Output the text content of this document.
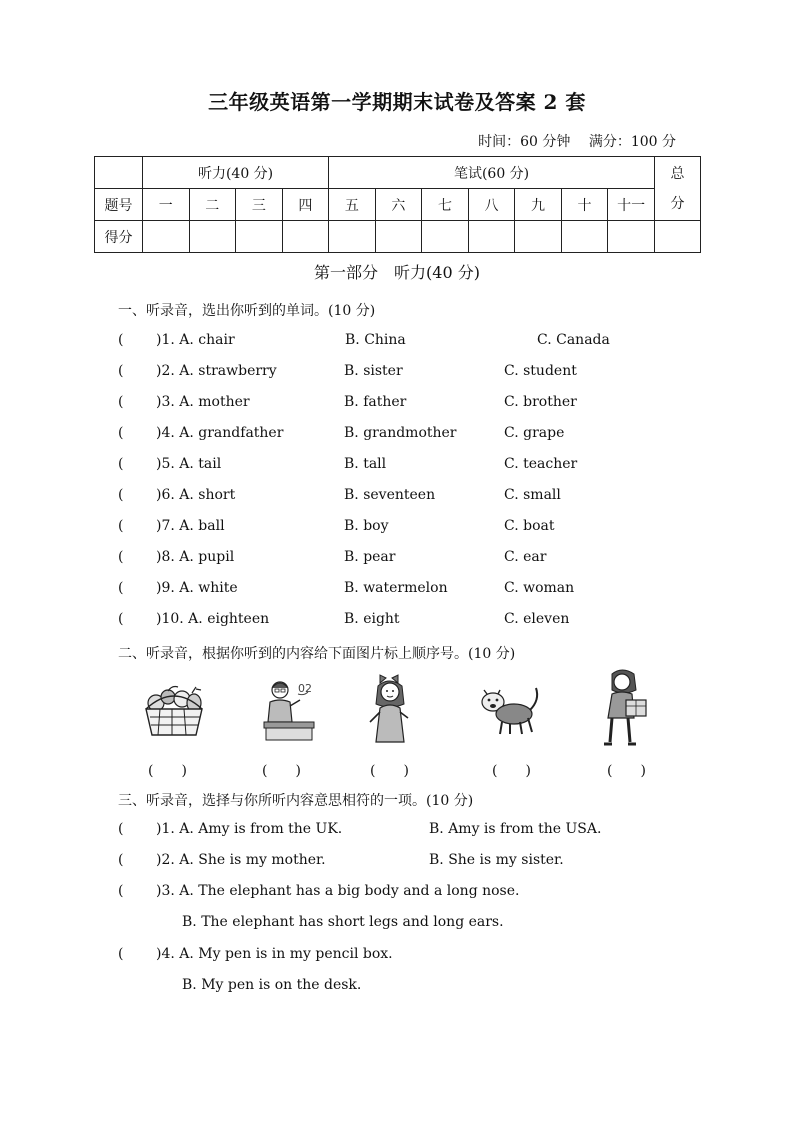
三年级英语第一学期期末试卷及答案 2 套
时间：60 分钟 满分：100 分
	听力(40 分)				笔试(60 分)							总
分

题号	一	二	三	四	五	六	七	八	九	十	十一	
得分												
第一部分　听力(40 分)
一、听录音，选出你听到的单词。(10 分)
( )1. A. chair	B. China	C. Canada
( )2. A. strawberry	B. sister	C. student
( )3. A. mother	B. father	C. brother
( )4. A. grandfather	B. grandmother	C. grape
( )5. A. tail	B. tall	C. teacher
( )6. A. short	B. seventeen	C. small
( )7. A. ball	B. boy	C. boat
( )8. A. pupil	B. pear	C. ear
( )9. A. white	B. watermelon	C. woman
( )10. A. eighteen	B. eight	C. eleven
二、听录音，根据你听到的内容给下面图片标上顺序号。(10 分)
02
(　　)	(　　)	(　　)	(　　)	(　　)
三、听录音，选择与你所听内容意思相符的一项。(10 分)
( )1. A. Amy is from the UK.	B. Amy is from the USA.
( )2. A. She is my mother.	B. She is my sister.
( )3. A. The elephant has a big body and a long nose.
B. The elephant has short legs and long ears.
( )4. A. My pen is in my pencil box.
B. My pen is on the desk.
